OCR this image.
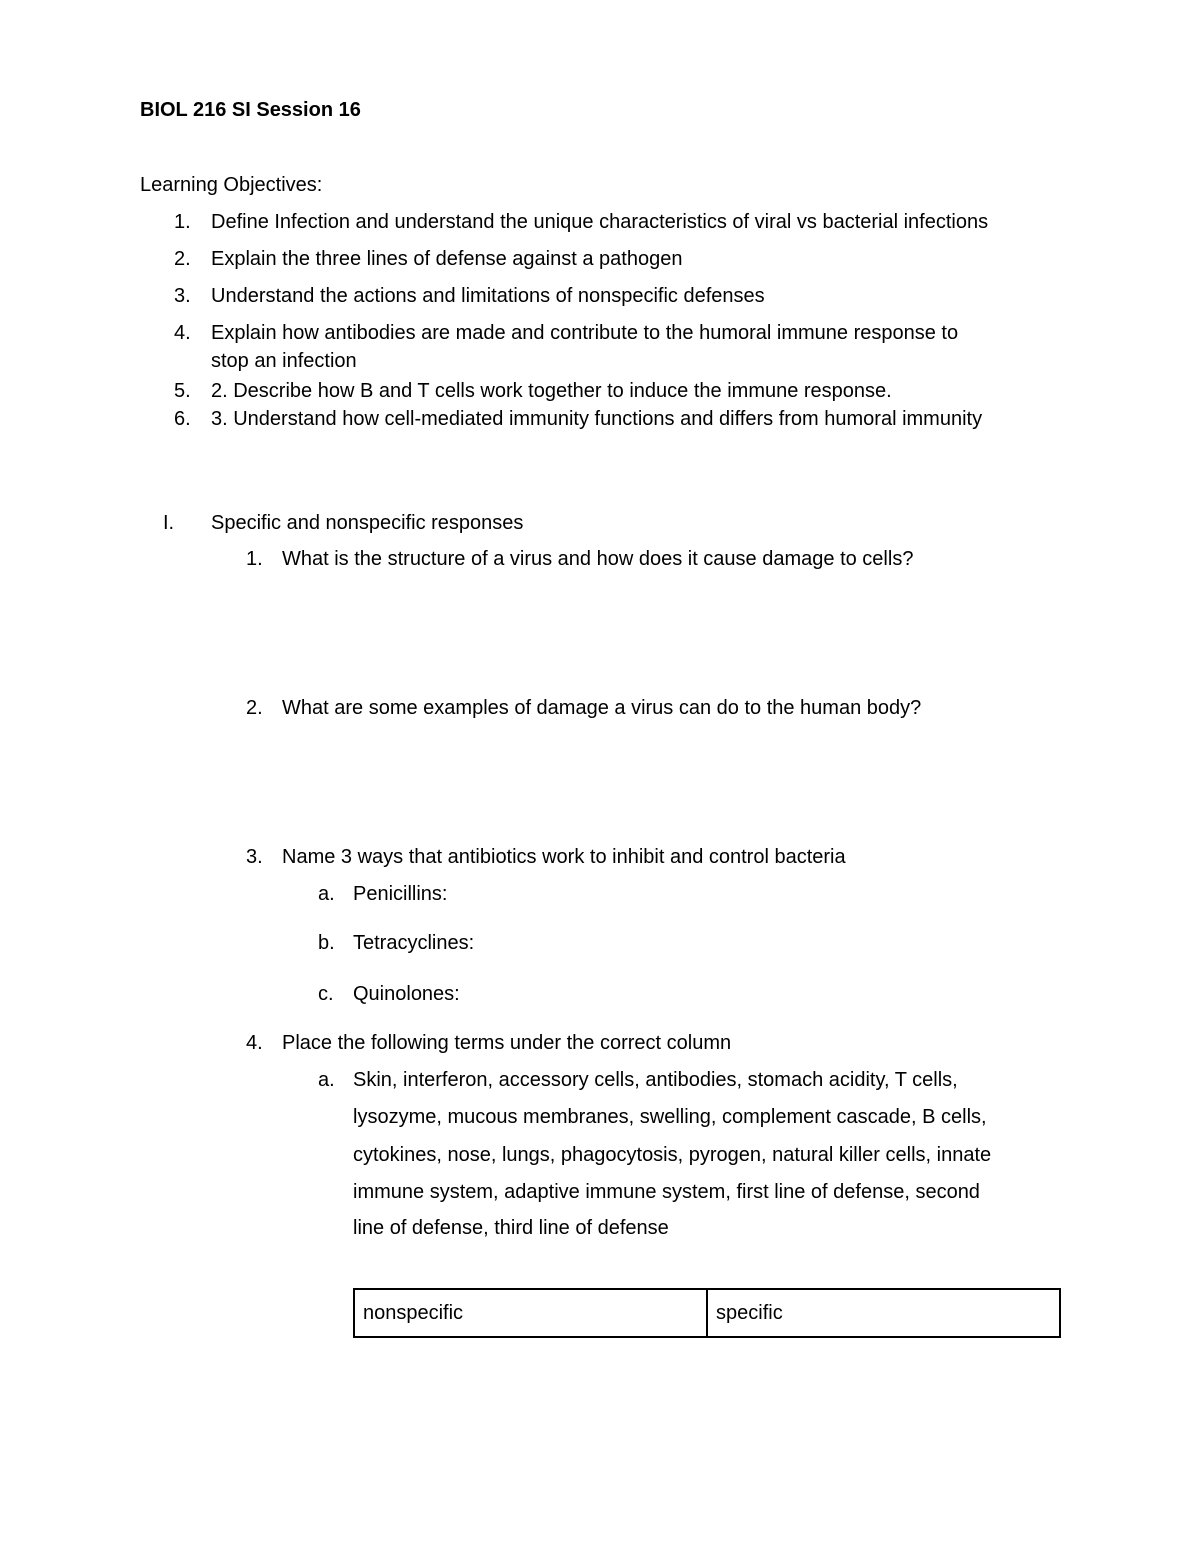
BIOL 216 SI Session 16
Learning Objectives:
1. Define Infection and understand the unique characteristics of viral vs bacterial infections
2. Explain the three lines of defense against a pathogen
3. Understand the actions and limitations of nonspecific defenses
4. Explain how antibodies are made and contribute to the humoral immune response to
stop an infection
5. 2. Describe how B and T cells work together to induce the immune response.
6. 3. Understand how cell-mediated immunity functions and differs from humoral immunity
I. Specific and nonspecific responses
1. What is the structure of a virus and how does it cause damage to cells?
2. What are some examples of damage a virus can do to the human body?
3. Name 3 ways that antibiotics work to inhibit and control bacteria
a. Penicillins:
b. Tetracyclines:
c. Quinolones:
4. Place the following terms under the correct column
a. Skin, interferon, accessory cells, antibodies, stomach acidity, T cells,
lysozyme, mucous membranes, swelling, complement cascade, B cells,
cytokines, nose, lungs, phagocytosis, pyrogen, natural killer cells, innate
immune system, adaptive immune system, first line of defense, second
line of defense, third line of defense
nonspecific	specific
